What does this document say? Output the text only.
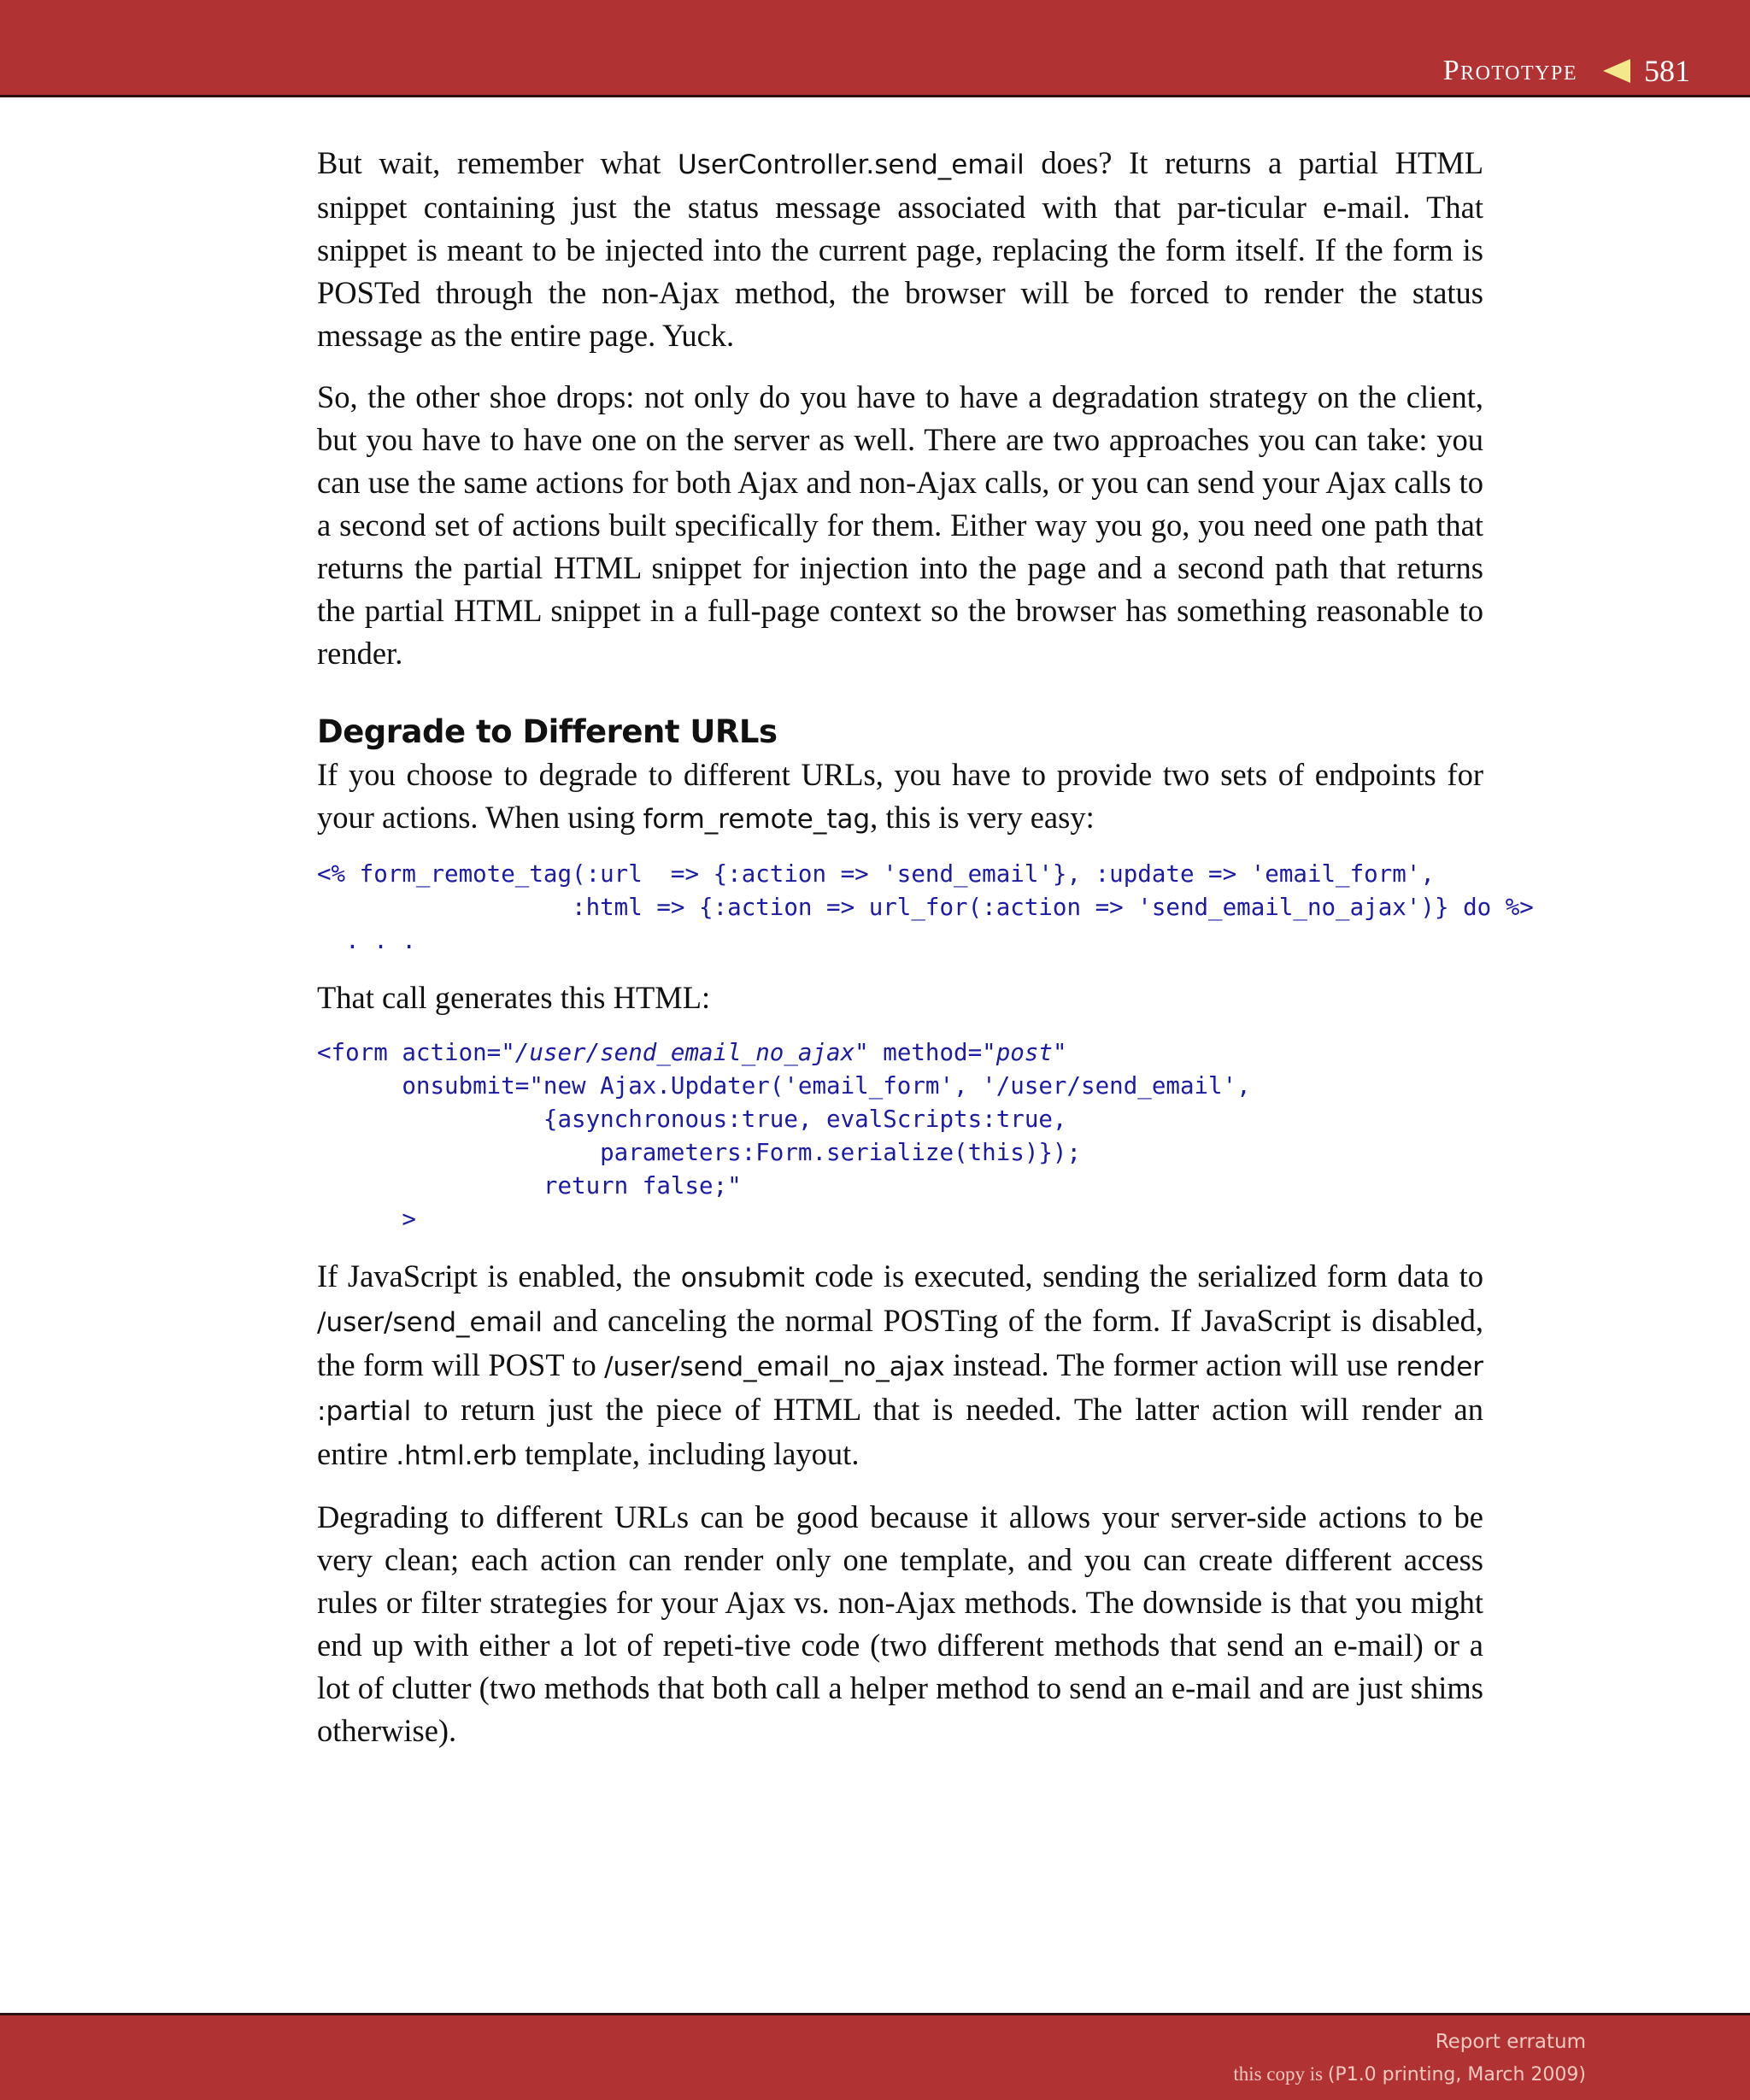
Prototype 581

But wait, remember what UserController.send_email does? It returns a partial HTML snippet containing just the status message associated with that par-ticular e-mail. That snippet is meant to be injected into the current page, replacing the form itself. If the form is POSTed through the non-Ajax method, the browser will be forced to render the status message as the entire page. Yuck.

So, the other shoe drops: not only do you have to have a degradation strategy on the client, but you have to have one on the server as well. There are two approaches you can take: you can use the same actions for both Ajax and non-Ajax calls, or you can send your Ajax calls to a second set of actions built specifically for them. Either way you go, you need one path that returns the partial HTML snippet for injection into the page and a second path that returns the partial HTML snippet in a full-page context so the browser has something reasonable to render.

Degrade to Different URLs

If you choose to degrade to different URLs, you have to provide two sets of endpoints for your actions. When using form_remote_tag, this is very easy:

<% form_remote_tag(:url  => {:action => 'send_email'}, :update => 'email_form',
:html => {:action => url_for(:action => 'send_email_no_ajax')} do %>
. . .

That call generates this HTML:

<form action="/user/send_email_no_ajax" method="post"
onsubmit="new Ajax.Updater('email_form', '/user/send_email',
{asynchronous:true, evalScripts:true,
parameters:Form.serialize(this)});
return false;"
>

If JavaScript is enabled, the onsubmit code is executed, sending the serialized form data to /user/send_email and canceling the normal POSTing of the form. If JavaScript is disabled, the form will POST to /user/send_email_no_ajax instead. The former action will use render :partial to return just the piece of HTML that is needed. The latter action will render an entire .html.erb template, including layout.

Degrading to different URLs can be good because it allows your server-side actions to be very clean; each action can render only one template, and you can create different access rules or filter strategies for your Ajax vs. non-Ajax methods. The downside is that you might end up with either a lot of repeti-tive code (two different methods that send an e-mail) or a lot of clutter (two methods that both call a helper method to send an e-mail and are just shims otherwise).

Report erratum
this copy is (P1.0 printing, March 2009)
